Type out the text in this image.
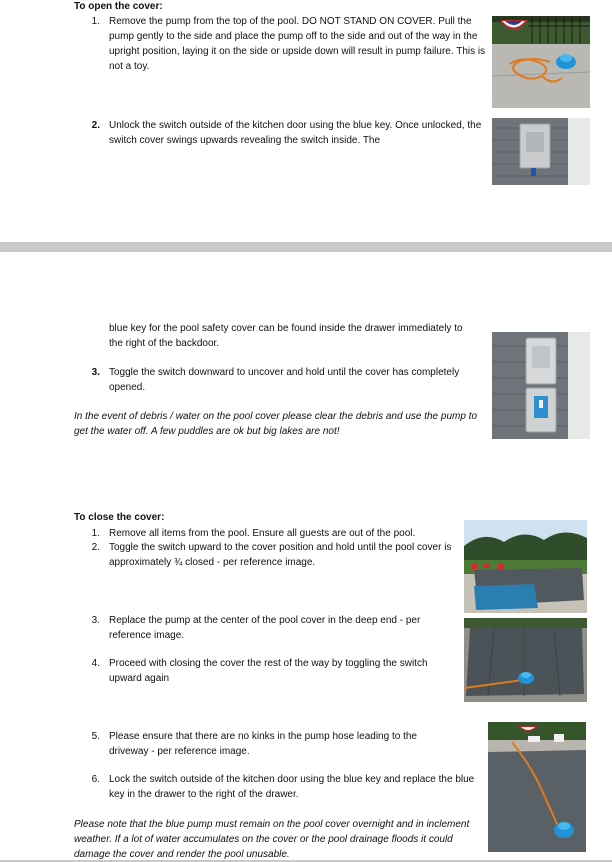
To open the cover:
1. Remove the pump from the top of the pool. DO NOT STAND ON COVER. Pull the pump gently to the side and place the pump off to the side and out of the way in the upright position, laying it on the side or upside down will result in pump failure. This is not a toy.
2. Unlock the switch outside of the kitchen door using the blue key. Once unlocked, the switch cover swings upwards revealing the switch inside. The
blue key for the pool safety cover can be found inside the drawer immediately to the right of the backdoor.
3. Toggle the switch downward to uncover and hold until the cover has completely opened.
In the event of debris / water on the pool cover please clear the debris and use the pump to get the water off. A few puddles are ok but big lakes are not!
To close the cover:
1. Remove all items from the pool. Ensure all guests are out of the pool.
2. Toggle the switch upward to the cover position and hold until the pool cover is approximately ¾ closed - per reference image.
3. Replace the pump at the center of the pool cover in the deep end - per reference image.
4. Proceed with closing the cover the rest of the way by toggling the switch upward again
5. Please ensure that there are no kinks in the pump hose leading to the driveway - per reference image.
6. Lock the switch outside of the kitchen door using the blue key and replace the blue key in the drawer to the right of the drawer.
Please note that the blue pump must remain on the pool cover overnight and in inclement weather. If a lot of water accumulates on the cover or the pool drainage floods it could damage the cover and render the pool unusable.
